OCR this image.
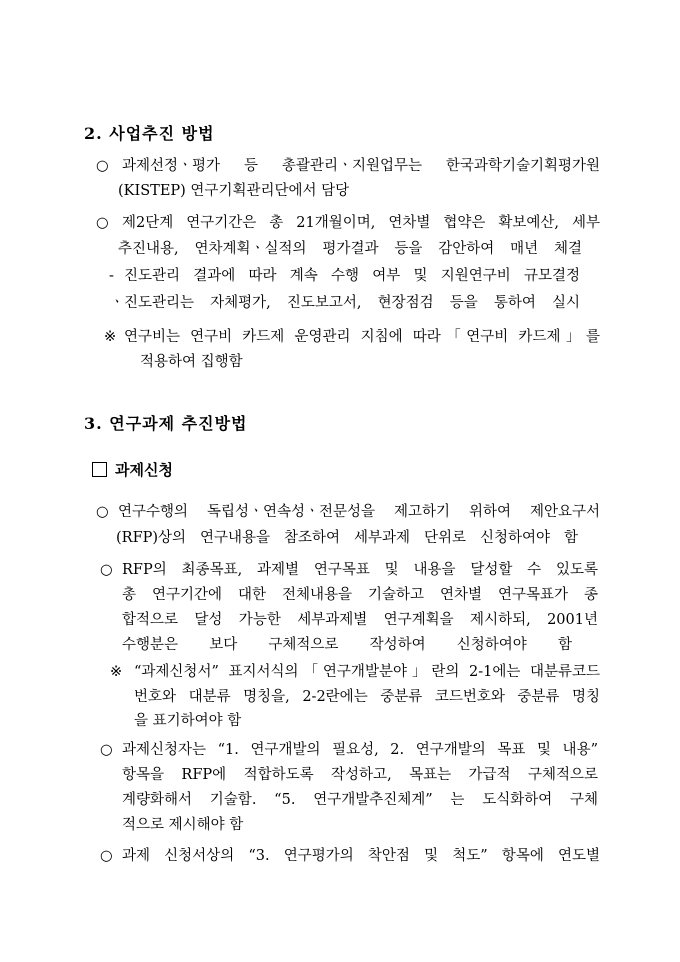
2. 사업추진 방법
○ 과제선정ㆍ평가 등 총괄관리ㆍ지원업무는 한국과학기술기획평가원
(KISTEP) 연구기획관리단에서 담당
○ 제2단계 연구기간은 총 21개월이며, 연차별 협약은 확보예산, 세부
추진내용, 연차계획ㆍ실적의 평가결과 등을 감안하여 매년 체결
- 진도관리 결과에 따라 계속 수행 여부 및 지원연구비 규모결정
ㆍ 진도관리는 자체평가, 진도보고서, 현장점검 등을 통하여 실시
※ 연구비는 연구비 카드제 운영관리 지침에 따라「연구비 카드제」를
적용하여 집행함
3. 연구과제 추진방법
과제신청
○ 연구수행의 독립성ㆍ연속성ㆍ전문성을 제고하기 위하여 제안요구서
(RFP)상의 연구내용을 참조하여 세부과제 단위로 신청하여야 함
○ RFP의 최종목표, 과제별 연구목표 및 내용을 달성할 수 있도록
총 연구기간에 대한 전체내용을 기술하고 연차별 연구목표가 종
합적으로 달성 가능한 세부과제별 연구계획을 제시하되, 2001년
수행분은 보다 구체적으로 작성하여 신청하여야 함
※ “과제신청서” 표지서식의「연구개발분야」란의 2-1에는 대분류코드
번호와 대분류 명칭을, 2-2란에는 중분류 코드번호와 중분류 명칭
을 표기하여야 함
○ 과제신청자는 “1. 연구개발의 필요성, 2. 연구개발의 목표 및 내용”
항목을 RFP에 적합하도록 작성하고, 목표는 가급적 구체적으로
계량화해서 기술함. “5. 연구개발추진체계” 는 도식화하여 구체
적으로 제시해야 함
○ 과제 신청서상의 “3. 연구평가의 착안점 및 척도” 항목에 연도별
